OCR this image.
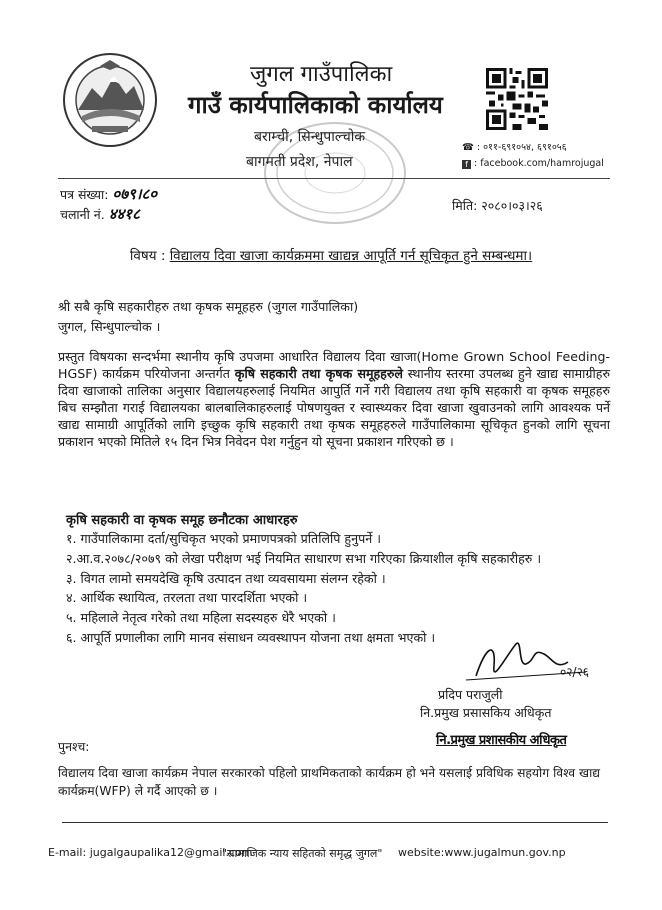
जुगल गाउँपालिका
गाउँ कार्यपालिकाको कार्यालय
बराम्ची, सिन्धुपाल्चोक
बागमती प्रदेश, नेपाल
☎ : ०११-६९१०५४, ६९१०५६
f : facebook.com/hamrojugal
पत्र संख्या: ०७९।८०
चलानी नं. ४४१८	मिति: २०८०।०३।२६
विषय : विद्यालय दिवा खाजा कार्यक्रममा खाद्यन्न आपूर्ति गर्न सूचिकृत हुने सम्बन्धमा।
श्री सबै कृषि सहकारीहरु तथा कृषक समूहहरु (जुगल गाउँपालिका)
जुगल, सिन्धुपाल्चोक ।
प्रस्तुत विषयका सन्दर्भमा स्थानीय कृषि उपजमा आधारित विद्यालय दिवा खाजा(Home Grown School Feeding-HGSF) कार्यक्रम परियोजना अन्तर्गत कृषि सहकारी तथा कृषक समूहहरुले स्थानीय स्तरमा उपलब्ध हुने खाद्य सामाग्रीहरु दिवा खाजाको तालिका अनुसार विद्यालयहरुलाई नियमित आपुर्ति गर्ने गरी विद्यालय तथा कृषि सहकारी वा कृषक समूहहरु बिच सम्झौता गराई विद्यालयका बालबालिकाहरुलाई पोषणयुक्त र स्वास्थ्यकर दिवा खाजा खुवाउनको लागि आवश्यक पर्ने खाद्य सामाग्री आपूर्तिको लागि इच्छुक कृषि सहकारी तथा कृषक समूहहरुले गाउँपालिकामा सूचिकृत हुनको लागि सूचना प्रकाशन भएको मितिले १५ दिन भित्र निवेदन पेश गर्नुहुन यो सूचना प्रकाशन गरिएको छ ।
कृषि सहकारी वा कृषक समूह छनौटका आधारहरु
१. गाउँपालिकामा दर्ता/सुचिकृत भएको प्रमाणपत्रको प्रतिलिपि हुनुपर्ने ।
२.आ.व.२०७८/२०७९ को लेखा परीक्षण भई नियमित साधारण सभा गरिएका क्रियाशील कृषि सहकारीहरु ।
३. विगत लामो समयदेखि कृषि उत्पादन तथा व्यवसायमा संलग्न रहेको ।
४. आर्थिक स्थायित्व, तरलता तथा पारदर्शिता भएको ।
५. महिलाले नेतृत्व गरेको तथा महिला सदस्यहरु धेरै भएको ।
६. आपूर्ति प्रणालीका लागि मानव संसाधन व्यवस्थापन योजना तथा क्षमता भएको ।
०२/२६
प्रदिप पराजुली
नि.प्रमुख प्रसासकिय अधिकृत
नि.प्रमुख प्रशासकीय अधिकृत
पुनश्च:
विद्यालय दिवा खाजा कार्यक्रम नेपाल सरकारको पहिलो प्राथमिकताको कार्यक्रम हो भने यसलाई प्रविधिक सहयोग विश्व खाद्य कार्यक्रम(WFP) ले गर्दै आएको छ ।
E-mail: jugalgaupalika12@gmail.com
"सामाजिक न्याय सहितको समृद्ध जुगल" website:www.jugalmun.gov.np
